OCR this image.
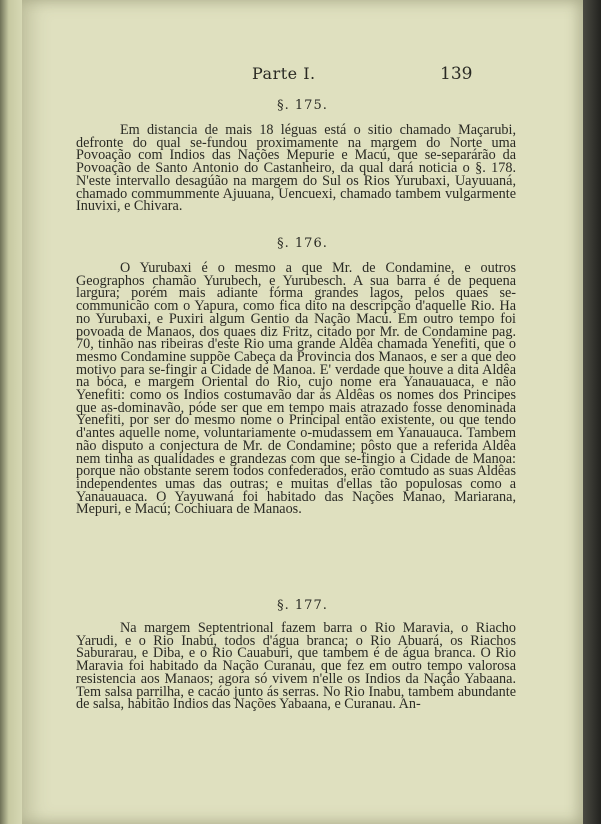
Parte I.	139
§. 175.
Em distancia de mais 18 léguas está o sitio chamado Maçarubi, defronte do qual se-fundou proximamente na margem do Norte uma Povoação com Indios das Nações Mepurie e Macú, que se-separárão da Povoação de Santo Antonio do Castanheiro, da qual dará noticia o §. 178. N'este intervallo desagúão na margem do Sul os Rios Yurubaxi, Uayuuaná, chamado commummente Ajuuana, Uencuexi, chamado tambem vulgarmente Inuvixi, e Chivara.
§. 176.
O Yurubaxi é o mesmo a que Mr. de Condamine, e outros Geographos chamão Yurubech, e Yurubesch. A sua barra é de pequena largura; porém mais adiante fórma grandes lagos, pelos quaes se-communicão com o Yapura, como fica dito na descripção d'aquelle Rio. Ha no Yurubaxi, e Puxiri algum Gentio da Nação Macú. Em outro tempo foi povoada de Manaos, dos quaes diz Fritz, citado por Mr. de Condamine pag. 70, tinhão nas ribeiras d'este Rio uma grande Aldêa chamada Yenefiti, que o mesmo Condamine suppõe Cabeça da Provincia dos Manaos, e ser a que deo motivo para se-fingir a Cidade de Manoa. E' verdade que houve a dita Aldêa na bóca, e margem Oriental do Rio, cujo nome era Yanauauaca, e não Yenefiti: como os Indios costumavão dar ás Aldêas os nomes dos Principes que as-dominavão, póde ser que em tempo mais atrazado fosse denominada Yenefiti, por ser do mesmo nome o Principal então existente, ou que tendo d'antes aquelle nome, voluntariamente o-mudassem em Yanauauca. Tambem não disputo a conjectura de Mr. de Condamine; pôsto que a referida Aldêa nem tinha as qualidades e grandezas com que se-fingio a Cidade de Manoa: porque não obstante serem todos confederados, erão comtudo as suas Aldêas independentes umas das outras; e muitas d'ellas tão populosas como a Yanauauaca. O Yayuwaná foi habitado das Nações Manao, Mariarana, Mepuri, e Macú; Cochiuara de Manaos.
§. 177.
Na margem Septentrional fazem barra o Rio Maravia, o Riacho Yarudi, e o Rio Inabú, todos d'água branca; o Rio Abuará, os Riachos Saburarau, e Diba, e o Rio Cauaburi, que tambem é de água branca. O Rio Maravia foi habitado da Nação Curanau, que fez em outro tempo valorosa resistencia aos Manaos; agora só vivem n'elle os Indios da Nação Yabaana. Tem salsa parrilha, e cacáo junto ás serras. No Rio Inabu, tambem abundante de salsa, habitão Indios das Nações Yabaana, e Curanau. An-
